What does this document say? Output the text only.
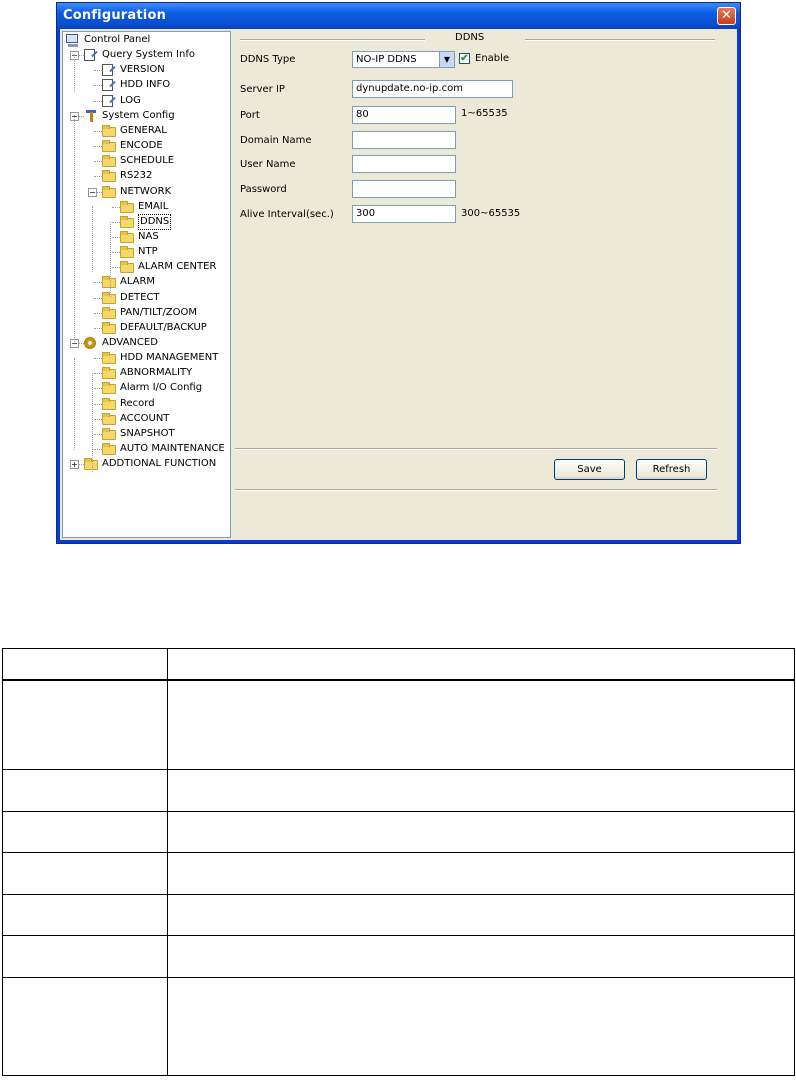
Configuration	✕
Control Panel
− Query System Info
VERSION
HDD INFO
LOG
− System Config
GENERAL
ENCODE
SCHEDULE
RS232
− NETWORK
EMAIL
DDNS
NAS
NTP
ALARM CENTER
ALARM
DETECT
PAN/TILT/ZOOM
DEFAULT/BACKUP
− ADVANCED
HDD MANAGEMENT
ABNORMALITY
Alarm I/O Config
Record
ACCOUNT
SNAPSHOT
AUTO MAINTENANCE
+ ADDTIONAL FUNCTION
DDNS
DDNS Type	NO-IP DDNS	▼	✔ Enable
Server IP	dynupdate.no-ip.com
Port	80	1~65535
Domain Name
User Name
Password
Alive Interval(sec.)	300	300~65535
Save	Refresh
